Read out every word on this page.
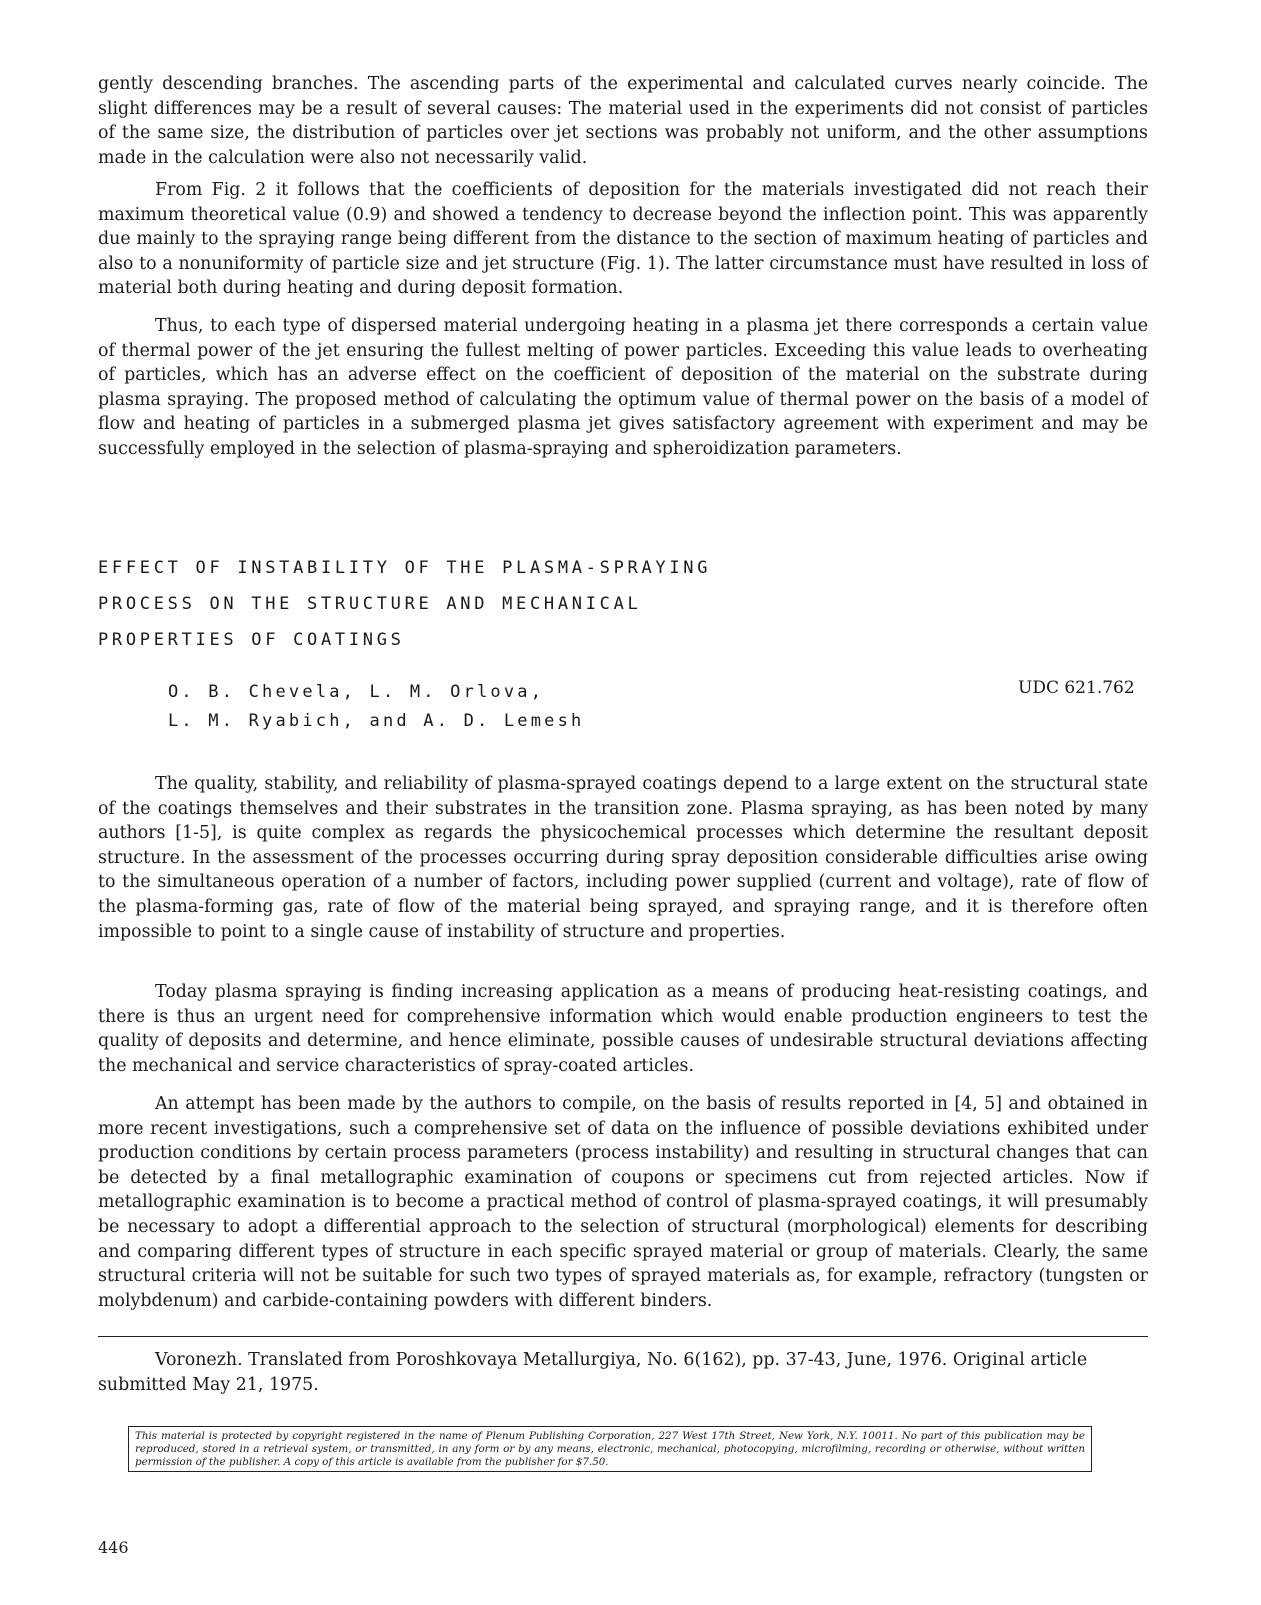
gently descending branches. The ascending parts of the experimental and calculated curves nearly coincide. The slight differences may be a result of several causes: The material used in the experiments did not consist of particles of the same size, the distribution of particles over jet sections was probably not uniform, and the other assumptions made in the calculation were also not necessarily valid.

From Fig. 2 it follows that the coefficients of deposition for the materials investigated did not reach their maximum theoretical value (0.9) and showed a tendency to decrease beyond the inflection point. This was apparently due mainly to the spraying range being different from the distance to the section of maximum heating of particles and also to a nonuniformity of particle size and jet structure (Fig. 1). The latter circumstance must have resulted in loss of material both during heating and during deposit formation.

Thus, to each type of dispersed material undergoing heating in a plasma jet there corresponds a certain value of thermal power of the jet ensuring the fullest melting of power particles. Exceeding this value leads to overheating of particles, which has an adverse effect on the coefficient of deposition of the material on the substrate during plasma spraying. The proposed method of calculating the optimum value of thermal power on the basis of a model of flow and heating of particles in a submerged plasma jet gives satisfactory agreement with experiment and may be successfully employed in the selection of plasma-spraying and spheroidization parameters.

EFFECT OF INSTABILITY OF THE PLASMA-SPRAYING
PROCESS ON THE STRUCTURE AND MECHANICAL
PROPERTIES OF COATINGS
O. B. Chevela, L. M. Orlova,
L. M. Ryabich, and A. D. Lemesh
UDC 621.762

The quality, stability, and reliability of plasma-sprayed coatings depend to a large extent on the structural state of the coatings themselves and their substrates in the transition zone. Plasma spraying, as has been noted by many authors [1-5], is quite complex as regards the physicochemical processes which determine the resultant deposit structure. In the assessment of the processes occurring during spray deposition considerable difficulties arise owing to the simultaneous operation of a number of factors, including power supplied (current and voltage), rate of flow of the plasma-forming gas, rate of flow of the material being sprayed, and spraying range, and it is therefore often impossible to point to a single cause of instability of structure and properties.

Today plasma spraying is finding increasing application as a means of producing heat-resisting coatings, and there is thus an urgent need for comprehensive information which would enable production engineers to test the quality of deposits and determine, and hence eliminate, possible causes of undesirable structural deviations affecting the mechanical and service characteristics of spray-coated articles.

An attempt has been made by the authors to compile, on the basis of results reported in [4, 5] and obtained in more recent investigations, such a comprehensive set of data on the influence of possible deviations exhibited under production conditions by certain process parameters (process instability) and resulting in structural changes that can be detected by a final metallographic examination of coupons or specimens cut from rejected articles. Now if metallographic examination is to become a practical method of control of plasma-sprayed coatings, it will presumably be necessary to adopt a differential approach to the selection of structural (morphological) elements for describing and comparing different types of structure in each specific sprayed material or group of materials. Clearly, the same structural criteria will not be suitable for such two types of sprayed materials as, for example, refractory (tungsten or molybdenum) and carbide-containing powders with different binders.

Voronezh. Translated from Poroshkovaya Metallurgiya, No. 6(162), pp. 37-43, June, 1976. Original article submitted May 21, 1975.

This material is protected by copyright registered in the name of Plenum Publishing Corporation, 227 West 17th Street, New York, N.Y. 10011. No part of this publication may be reproduced, stored in a retrieval system, or transmitted, in any form or by any means, electronic, mechanical, photocopying, microfilming, recording or otherwise, without written permission of the publisher. A copy of this article is available from the publisher for $7.50.
446
